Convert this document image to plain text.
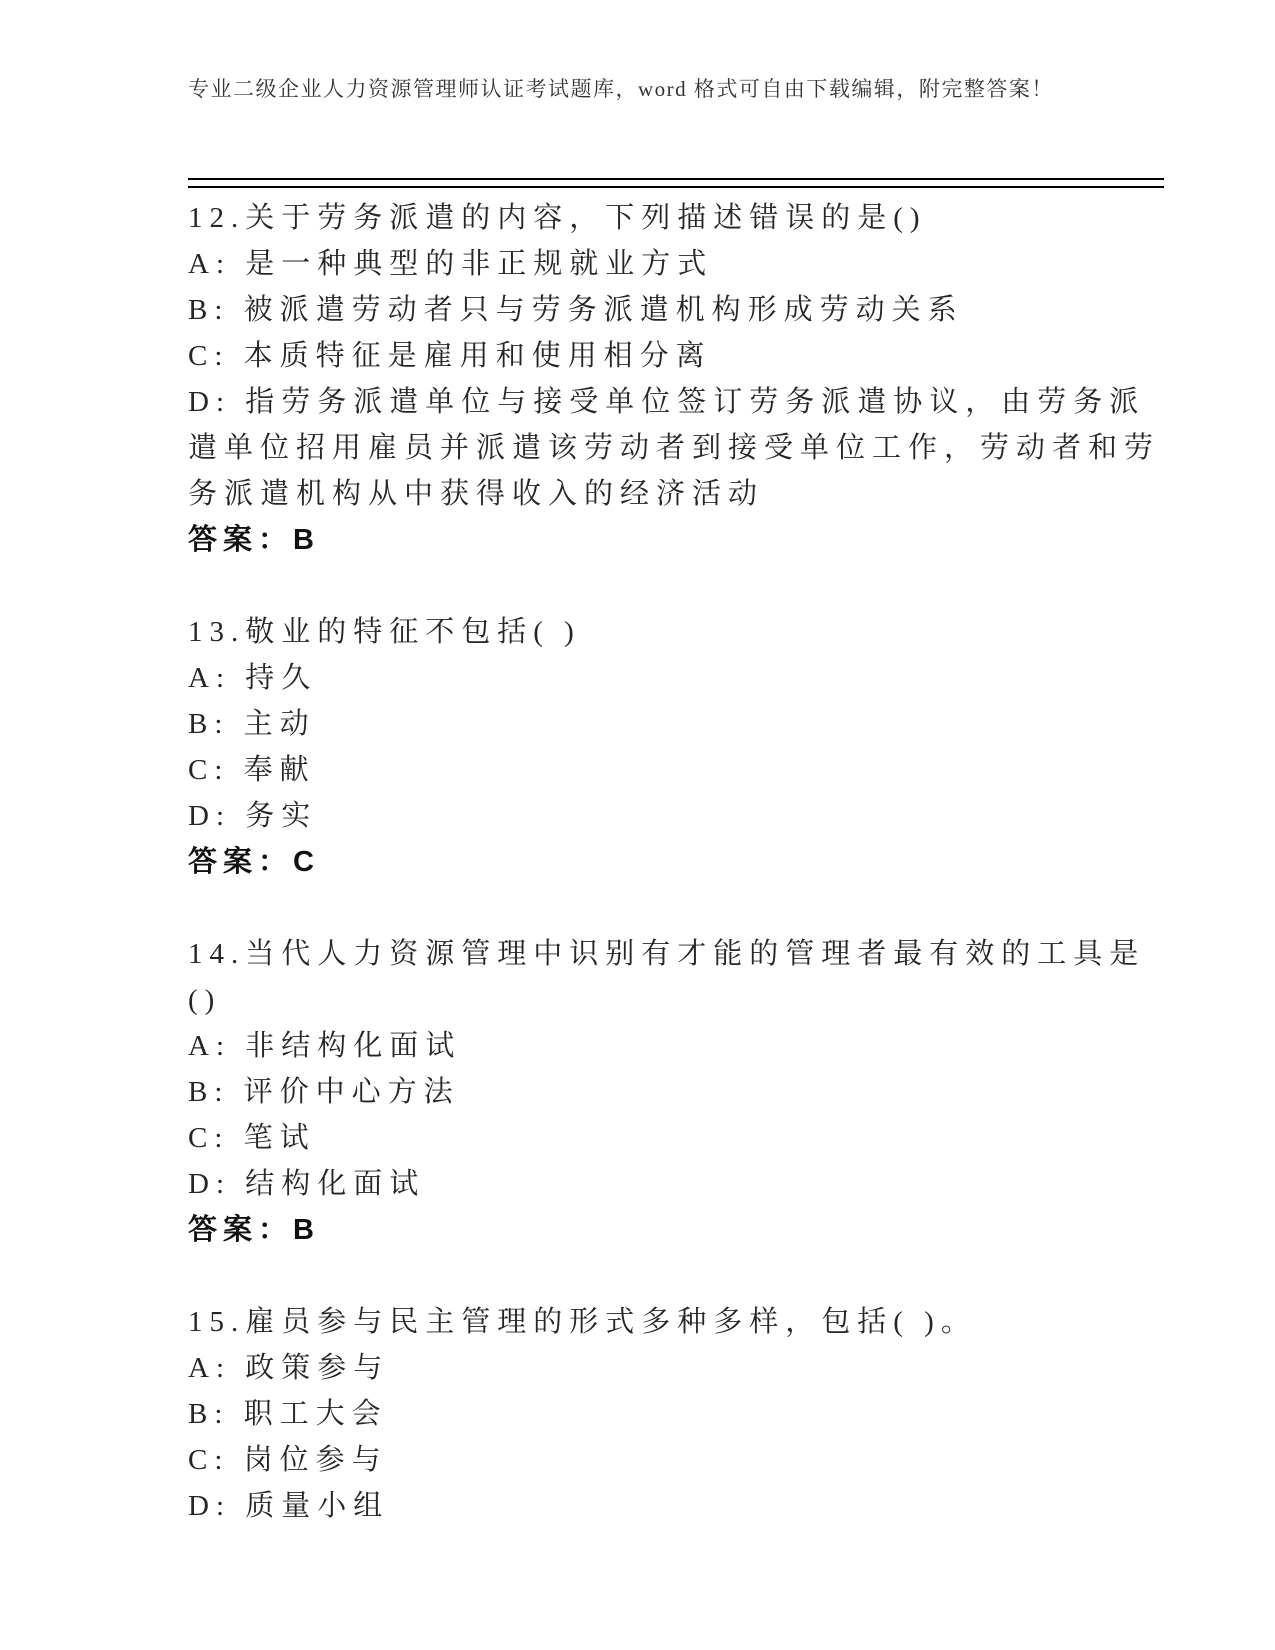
专业二级企业人力资源管理师认证考试题库，word 格式可自由下载编辑，附完整答案！

12.关于劳务派遣的内容，下列描述错误的是()

A: 是一种典型的非正规就业方式

B: 被派遣劳动者只与劳务派遣机构形成劳动关系

C: 本质特征是雇用和使用相分离

D: 指劳务派遣单位与接受单位签订劳务派遣协议，由劳务派遣单位招用雇员并派遣该劳动者到接受单位工作，劳动者和劳务派遣机构从中获得收入的经济活动

答案：B

13.敬业的特征不包括( )

A: 持久

B: 主动

C: 奉献

D: 务实

答案：C

14.当代人力资源管理中识别有才能的管理者最有效的工具是()

A: 非结构化面试

B: 评价中心方法

C: 笔试

D: 结构化面试

答案：B

15.雇员参与民主管理的形式多种多样，包括( )。

A: 政策参与

B: 职工大会

C: 岗位参与

D: 质量小组
